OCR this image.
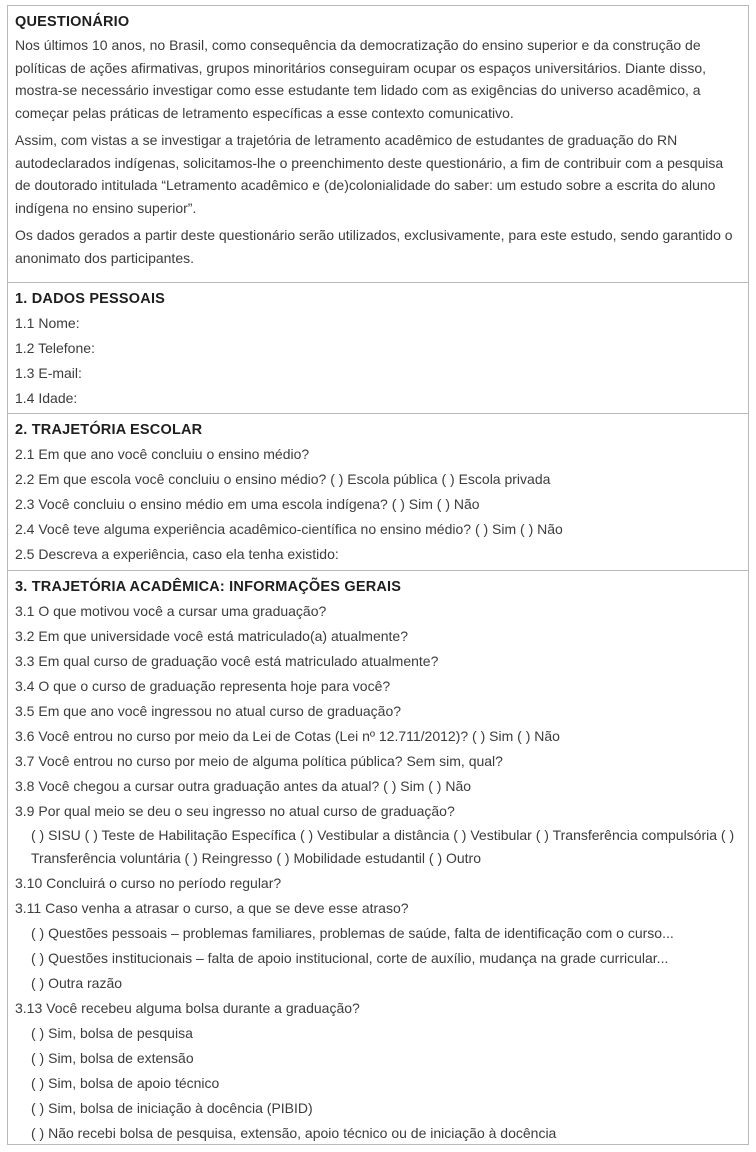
QUESTIONÁRIO

Nos últimos 10 anos, no Brasil, como consequência da democratização do ensino superior e da construção de políticas de ações afirmativas, grupos minoritários conseguiram ocupar os espaços universitários. Diante disso, mostra-se necessário investigar como esse estudante tem lidado com as exigências do universo acadêmico, a começar pelas práticas de letramento específicas a esse contexto comunicativo.

Assim, com vistas a se investigar a trajetória de letramento acadêmico de estudantes de graduação do RN autodeclarados indígenas, solicitamos-lhe o preenchimento deste questionário, a fim de contribuir com a pesquisa de doutorado intitulada “Letramento acadêmico e (de)colonialidade do saber: um estudo sobre a escrita do aluno indígena no ensino superior”.

Os dados gerados a partir deste questionário serão utilizados, exclusivamente, para este estudo, sendo garantido o anonimato dos participantes.

1. DADOS PESSOAIS

1.1 Nome:

1.2 Telefone:

1.3 E-mail:

1.4 Idade:

2. TRAJETÓRIA ESCOLAR

2.1 Em que ano você concluiu o ensino médio?

2.2 Em que escola você concluiu o ensino médio? ( ) Escola pública ( ) Escola privada

2.3 Você concluiu o ensino médio em uma escola indígena? ( ) Sim ( ) Não

2.4 Você teve alguma experiência acadêmico-científica no ensino médio? ( ) Sim ( ) Não

2.5 Descreva a experiência, caso ela tenha existido:

3. TRAJETÓRIA ACADÊMICA: INFORMAÇÕES GERAIS

3.1 O que motivou você a cursar uma graduação?

3.2 Em que universidade você está matriculado(a) atualmente?

3.3 Em qual curso de graduação você está matriculado atualmente?

3.4 O que o curso de graduação representa hoje para você?

3.5 Em que ano você ingressou no atual curso de graduação?

3.6 Você entrou no curso por meio da Lei de Cotas (Lei nº 12.711/2012)? ( ) Sim ( ) Não

3.7 Você entrou no curso por meio de alguma política pública? Sem sim, qual?

3.8 Você chegou a cursar outra graduação antes da atual? ( ) Sim ( ) Não

3.9 Por qual meio se deu o seu ingresso no atual curso de graduação?

( ) SISU ( ) Teste de Habilitação Específica ( ) Vestibular a distância ( ) Vestibular ( ) Transferência compulsória ( ) Transferência voluntária ( ) Reingresso ( ) Mobilidade estudantil ( ) Outro

3.10 Concluirá o curso no período regular?

3.11 Caso venha a atrasar o curso, a que se deve esse atraso?

( ) Questões pessoais – problemas familiares, problemas de saúde, falta de identificação com o curso...

( ) Questões institucionais – falta de apoio institucional, corte de auxílio, mudança na grade curricular...

( ) Outra razão

3.13 Você recebeu alguma bolsa durante a graduação?

( ) Sim, bolsa de pesquisa

( ) Sim, bolsa de extensão

( ) Sim, bolsa de apoio técnico

( ) Sim, bolsa de iniciação à docência (PIBID)

( ) Não recebi bolsa de pesquisa, extensão, apoio técnico ou de iniciação à docência
